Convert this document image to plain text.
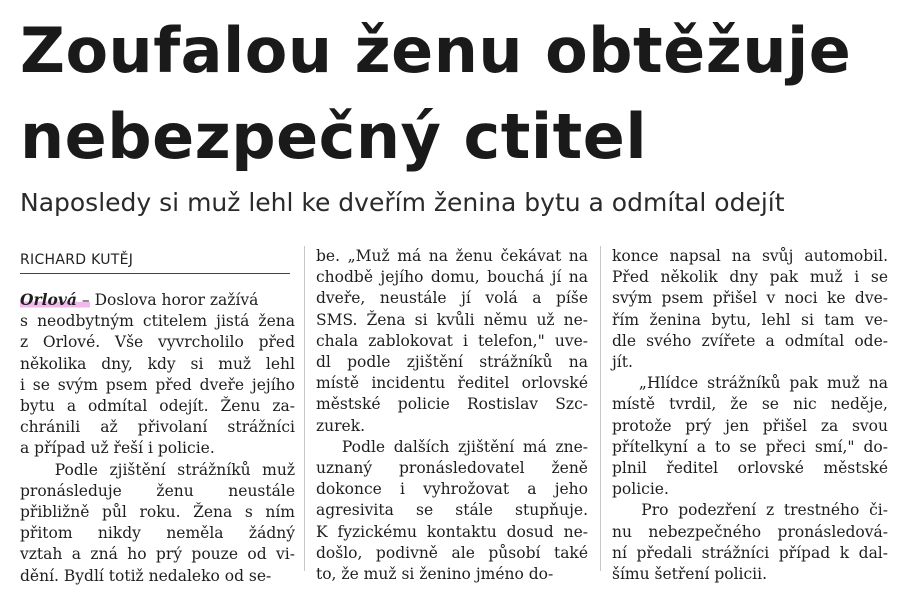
Zoufalou ženu obtěžuje
nebezpečný ctitel

Naposledy si muž lehl ke dveřím ženina bytu a odmítal odejít

RICHARD KUTĚJ
Orlová – Doslova horor zažívá
s neodbytným ctitelem jistá žena
z Orlové. Vše vyvrcholilo před
několika dny, kdy si muž lehl
i se svým psem před dveře jejího
bytu a odmítal odejít. Ženu za-
chránili až přivolaní strážníci
a případ už řeší i policie.
Podle zjištění strážníků muž
pronásleduje    ženu    neustále
přibližně půl roku. Žena s ním
přitom   nikdy   neměla   žádný
vztah a zná ho prý pouze od vi-
dění. Bydlí totiž nedaleko od se-
be. „Muž má na ženu čekávat na
chodbě jejího domu, bouchá jí na
dveře, neustále jí volá a píše
SMS. Žena si kvůli němu už ne-
chala zablokovat i telefon," uve-
dl podle zjištění strážníků na
místě incidentu ředitel orlovské
městské policie Rostislav Szc-
zurek.
Podle dalších zjištění má zne-
uznaný   pronásledovatel   ženě
dokonce  i  vyhrožovat  a  jeho
agresivita se stále stupňuje.
K fyzickému kontaktu dosud ne-
došlo, podivně ale působí také
to, že muž si ženino jméno do-
konce napsal na svůj automobil.
Před několik dny pak muž i se
svým psem přišel v noci ke dve-
řím ženina bytu, lehl si tam ve-
dle svého zvířete a odmítal ode-
jít.
„Hlídce strážníků pak muž na
místě tvrdil, že se nic neděje,
protože prý jen přišel za svou
přítelkyní a to se přeci smí," do-
plnil ředitel orlovské městské
policie.
Pro podezření z trestného či-
nu nebezpečného pronásledová-
ní předali strážníci případ k dal-
šímu šetření policii.
